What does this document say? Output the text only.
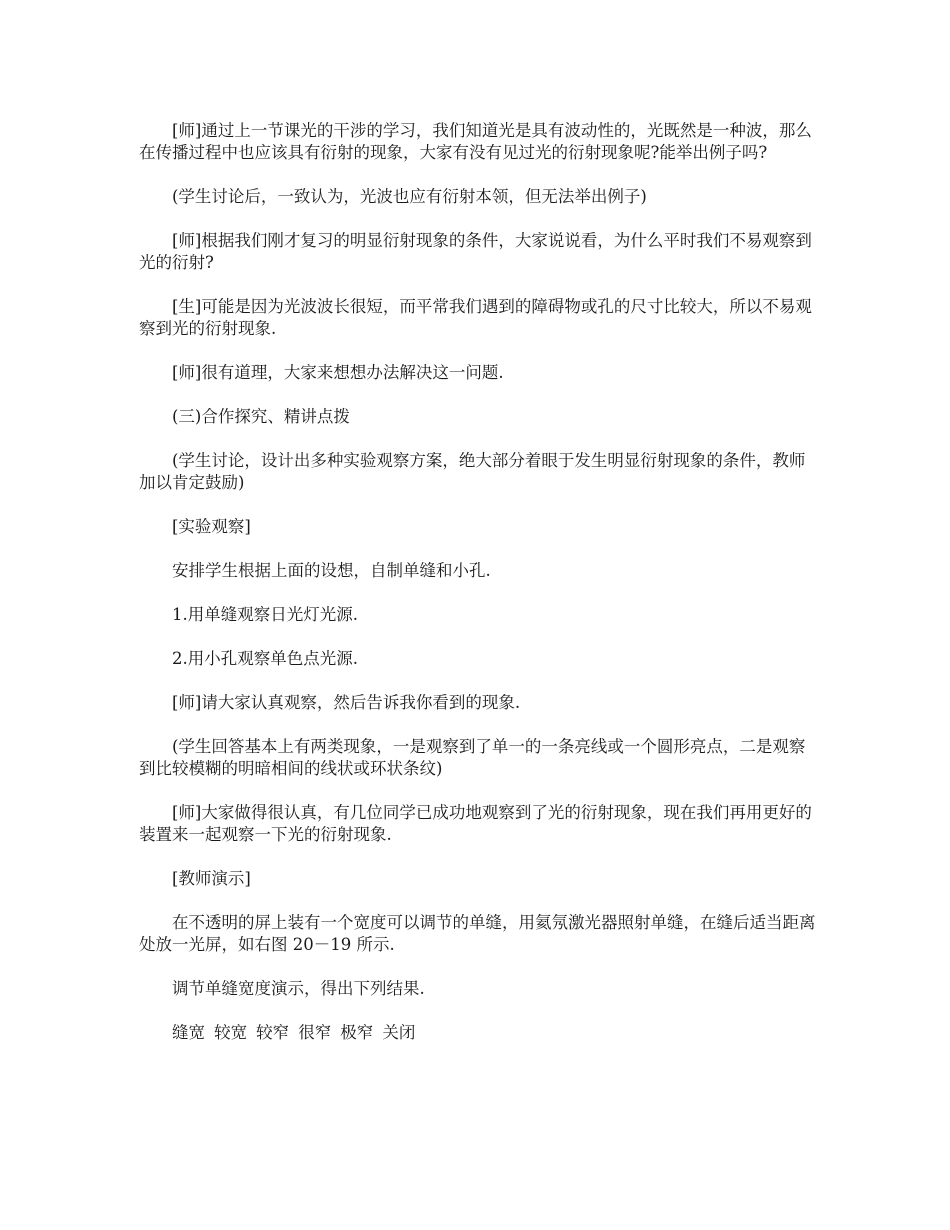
[师]通过上一节课光的干涉的学习，我们知道光是具有波动性的，光既然是一种波，那么在传播过程中也应该具有衍射的现象，大家有没有见过光的衍射现象呢?能举出例子吗?

(学生讨论后，一致认为，光波也应有衍射本领，但无法举出例子)

[师]根据我们刚才复习的明显衍射现象的条件，大家说说看，为什么平时我们不易观察到光的衍射?

[生]可能是因为光波波长很短，而平常我们遇到的障碍物或孔的尺寸比较大，所以不易观察到光的衍射现象.

[师]很有道理，大家来想想办法解决这一问题.

(三)合作探究、精讲点拨

(学生讨论，设计出多种实验观察方案，绝大部分着眼于发生明显衍射现象的条件，教师加以肯定鼓励)

[实验观察]

安排学生根据上面的设想，自制单缝和小孔.

1.用单缝观察日光灯光源.

2.用小孔观察单色点光源.

[师]请大家认真观察，然后告诉我你看到的现象.

(学生回答基本上有两类现象，一是观察到了单一的一条亮线或一个圆形亮点，二是观察到比较模糊的明暗相间的线状或环状条纹)

[师]大家做得很认真，有几位同学已成功地观察到了光的衍射现象，现在我们再用更好的装置来一起观察一下光的衍射现象.

[教师演示]

在不透明的屏上装有一个宽度可以调节的单缝，用氦氖激光器照射单缝，在缝后适当距离处放一光屏，如右图 20－19 所示.

调节单缝宽度演示，得出下列结果.

缝宽 较宽 较窄 很窄 极窄 关闭
